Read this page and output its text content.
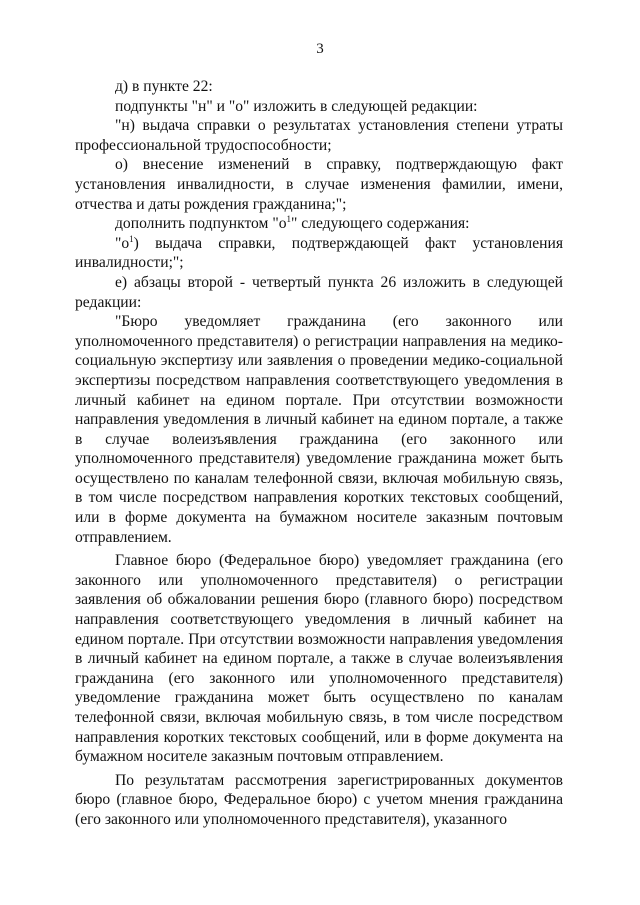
3

д) в пункте 22:

подпункты "н" и "о" изложить в следующей редакции:

"н) выдача справки о результатах установления степени утраты профессиональной трудоспособности;

о) внесение изменений в справку, подтверждающую факт установления инвалидности, в случае изменения фамилии, имени, отчества и даты рождения гражданина;";

дополнить подпунктом "$о^1$" следующего содержания:

"$о^1$) выдача справки, подтверждающей факт установления инвалидности;";

е) абзацы второй - четвертый пункта 26 изложить в следующей редакции:

"Бюро уведомляет гражданина (его законного или уполномоченного представителя) о регистрации направления на медико-социальную экспертизу или заявления о проведении медико-социальной экспертизы посредством направления соответствующего уведомления в личный кабинет на едином портале. При отсутствии возможности направления уведомления в личный кабинет на едином портале, а также в случае волеизъявления гражданина (его законного или уполномоченного представителя) уведомление гражданина может быть осуществлено по каналам телефонной связи, включая мобильную связь, в том числе посредством направления коротких текстовых сообщений, или в форме документа на бумажном носителе заказным почтовым отправлением.

Главное бюро (Федеральное бюро) уведомляет гражданина (его законного или уполномоченного представителя) о регистрации заявления об обжаловании решения бюро (главного бюро) посредством направления соответствующего уведомления в личный кабинет на едином портале. При отсутствии возможности направления уведомления в личный кабинет на едином портале, а также в случае волеизъявления гражданина (его законного или уполномоченного представителя) уведомление гражданина может быть осуществлено по каналам телефонной связи, включая мобильную связь, в том числе посредством направления коротких текстовых сообщений, или в форме документа на бумажном носителе заказным почтовым отправлением.

По результатам рассмотрения зарегистрированных документов бюро (главное бюро, Федеральное бюро) с учетом мнения гражданина (его законного или уполномоченного представителя), указанного
